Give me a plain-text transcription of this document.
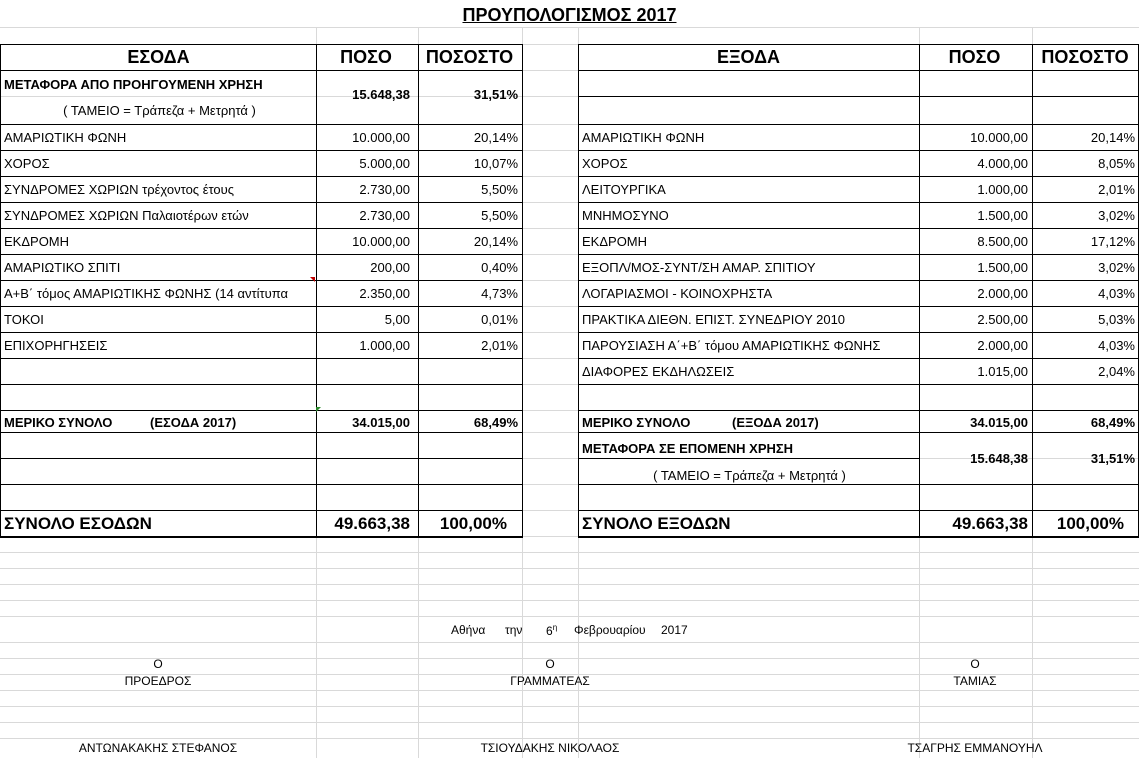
ΠΡΟΥΠΟΛΟΓΙΣΜΟΣ 2017
ΕΣΟΔΑ	ΠΟΣΟ	ΠΟΣΟΣΤΟ
ΜΕΤΑΦΟΡΑ ΑΠΟ ΠΡΟΗΓΟΥΜΕΝΗ ΧΡΗΣΗ
( ΤΑΜΕΙΟ = Τράπεζα + Μετρητά )
15.648,38	31,51%
ΑΜΑΡΙΩΤΙΚΗ ΦΩΝΗ	10.000,00	20,14%
ΧΟΡΟΣ	5.000,00	10,07%
ΣΥΝΔΡΟΜΕΣ ΧΩΡΙΩΝ τρέχοντος έτους	2.730,00	5,50%
ΣΥΝΔΡΟΜΕΣ ΧΩΡΙΩΝ Παλαιοτέρων ετών	2.730,00	5,50%
ΕΚΔΡΟΜΗ	10.000,00	20,14%
ΑΜΑΡΙΩΤΙΚΟ ΣΠΙΤΙ	200,00	0,40%
Α+Β΄ τόμος ΑΜΑΡΙΩΤΙΚΗΣ ΦΩΝΗΣ (14 αντίτυπα	2.350,00	4,73%
ΤΟΚΟΙ	5,00	0,01%
ΕΠΙΧΟΡΗΓΗΣΕΙΣ	1.000,00	2,01%
ΜΕΡΙΚΟ ΣΥΝΟΛΟ	(ΕΣΟΔΑ 2017)	34.015,00	68,49%
ΣΥΝΟΛΟ ΕΣΟΔΩΝ	49.663,38	100,00%
ΕΞΟΔΑ	ΠΟΣΟ	ΠΟΣΟΣΤΟ
ΑΜΑΡΙΩΤΙΚΗ ΦΩΝΗ	10.000,00	20,14%
ΧΟΡΟΣ	4.000,00	8,05%
ΛΕΙΤΟΥΡΓΙΚΑ	1.000,00	2,01%
ΜΝΗΜΟΣΥΝΟ	1.500,00	3,02%
ΕΚΔΡΟΜΗ	8.500,00	17,12%
ΕΞΟΠΛ/ΜΟΣ-ΣΥΝΤ/ΣΗ ΑΜΑΡ. ΣΠΙΤΙΟΥ	1.500,00	3,02%
ΛΟΓΑΡΙΑΣΜΟΙ - ΚΟΙΝΟΧΡΗΣΤΑ	2.000,00	4,03%
ΠΡΑΚΤΙΚΑ ΔΙΕΘΝ. ΕΠΙΣΤ. ΣΥΝΕΔΡΙΟΥ 2010	2.500,00	5,03%
ΠΑΡΟΥΣΙΑΣΗ Α΄+Β΄ τόμου ΑΜΑΡΙΩΤΙΚΗΣ ΦΩΝΗΣ	2.000,00	4,03%
ΔΙΑΦΟΡΕΣ ΕΚΔΗΛΩΣΕΙΣ	1.015,00	2,04%
ΜΕΡΙΚΟ ΣΥΝΟΛΟ	(ΕΞΟΔΑ 2017)	34.015,00	68,49%
ΜΕΤΑΦΟΡΑ ΣΕ ΕΠΟΜΕΝΗ ΧΡΗΣΗ
( ΤΑΜΕΙΟ = Τράπεζα + Μετρητά )
15.648,38	31,51%
ΣΥΝΟΛΟ ΕΞΟΔΩΝ	49.663,38	100,00%
Αθήνα την $6^\eta$ Φεβρουαρίου 2017
Ο
ΠΡΟΕΔΡΟΣ
ΑΝΤΩΝΑΚΑΚΗΣ ΣΤΕΦΑΝΟΣ
Ο
ΓΡΑΜΜΑΤΕΑΣ
ΤΣΙΟΥΔΑΚΗΣ ΝΙΚΟΛΑΟΣ
Ο
ΤΑΜΙΑΣ
ΤΣΑΓΡΗΣ ΕΜΜΑΝΟΥΗΛ
